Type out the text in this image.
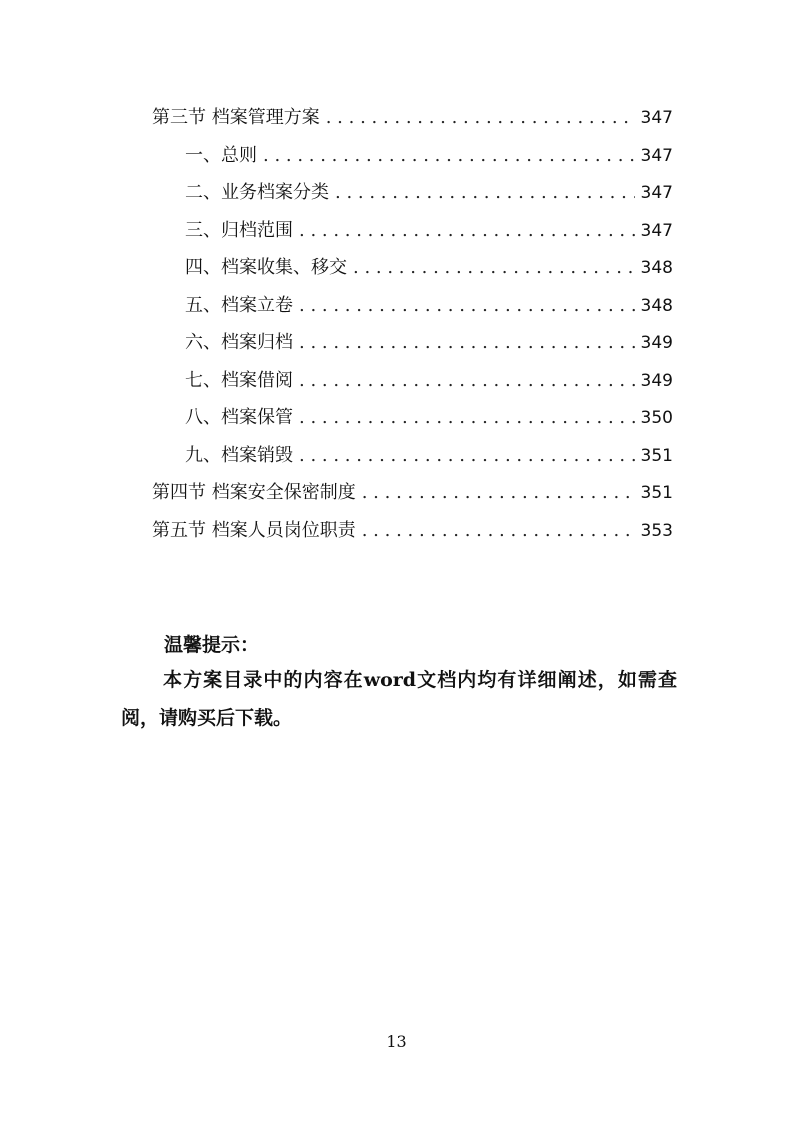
第三节 档案管理方案 . . .	347
一、总则 . . .	347
二、业务档案分类 . . .	347
三、归档范围 . . .	347
四、档案收集、移交 . . .	348
五、档案立卷 . . .	348
六、档案归档 . . .	349
七、档案借阅 . . .	349
八、档案保管 . . .	350
九、档案销毁 . . .	351
第四节 档案安全保密制度 . . .	351
第五节 档案人员岗位职责 . . .	353
温馨提示：
本方案目录中的内容在word文档内均有详细阐述，如需查阅，请购买后下载。
13
